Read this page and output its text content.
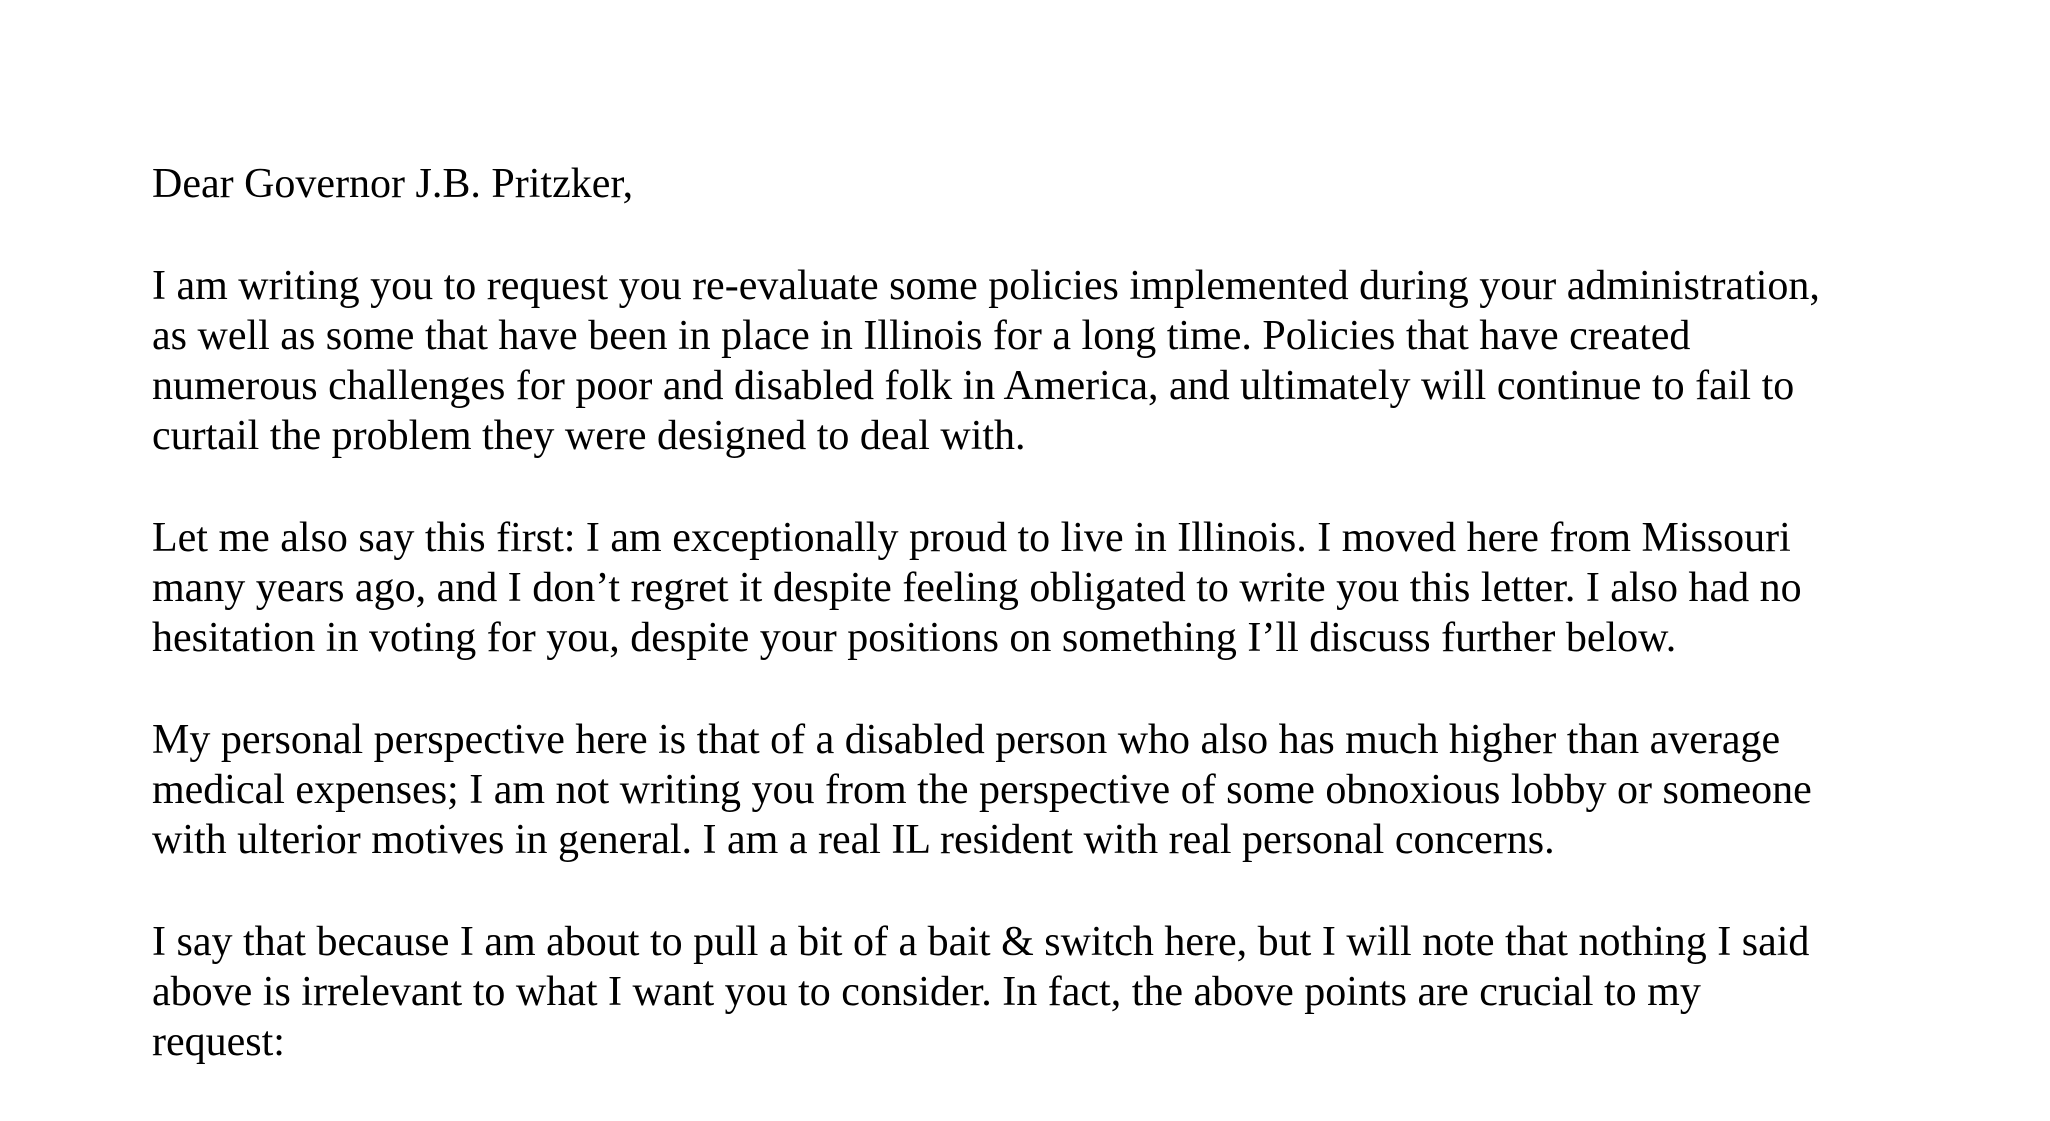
Dear Governor J.B. Pritzker,

I am writing you to request you re-evaluate some policies implemented during your administration,
as well as some that have been in place in Illinois for a long time. Policies that have created
numerous challenges for poor and disabled folk in America, and ultimately will continue to fail to
curtail the problem they were designed to deal with.
Let me also say this first: I am exceptionally proud to live in Illinois. I moved here from Missouri
many years ago, and I don’t regret it despite feeling obligated to write you this letter. I also had no
hesitation in voting for you, despite your positions on something I’ll discuss further below.
My personal perspective here is that of a disabled person who also has much higher than average
medical expenses; I am not writing you from the perspective of some obnoxious lobby or someone
with ulterior motives in general. I am a real IL resident with real personal concerns.
I say that because I am about to pull a bit of a bait & switch here, but I will note that nothing I said
above is irrelevant to what I want you to consider. In fact, the above points are crucial to my
request:
